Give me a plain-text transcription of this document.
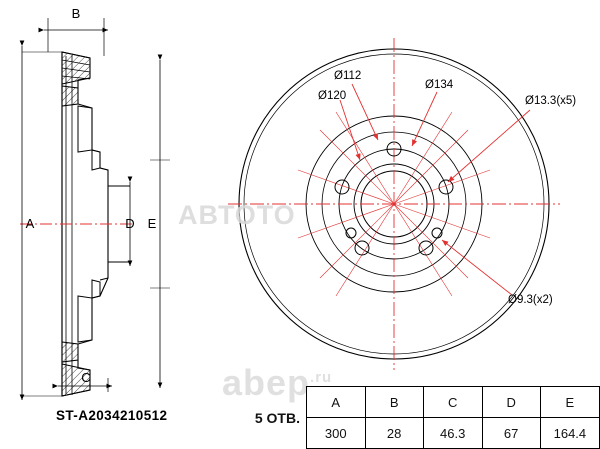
B
A	D E
C
Ø112
Ø120
Ø134
Ø13.3(x5)
Ø9.3(x2)
АВТОТО
abep$^{.ru}$
ST-A2034210512	5 ОТВ.	A	B	C	D	E
	300	28	46.3	67	164.4
